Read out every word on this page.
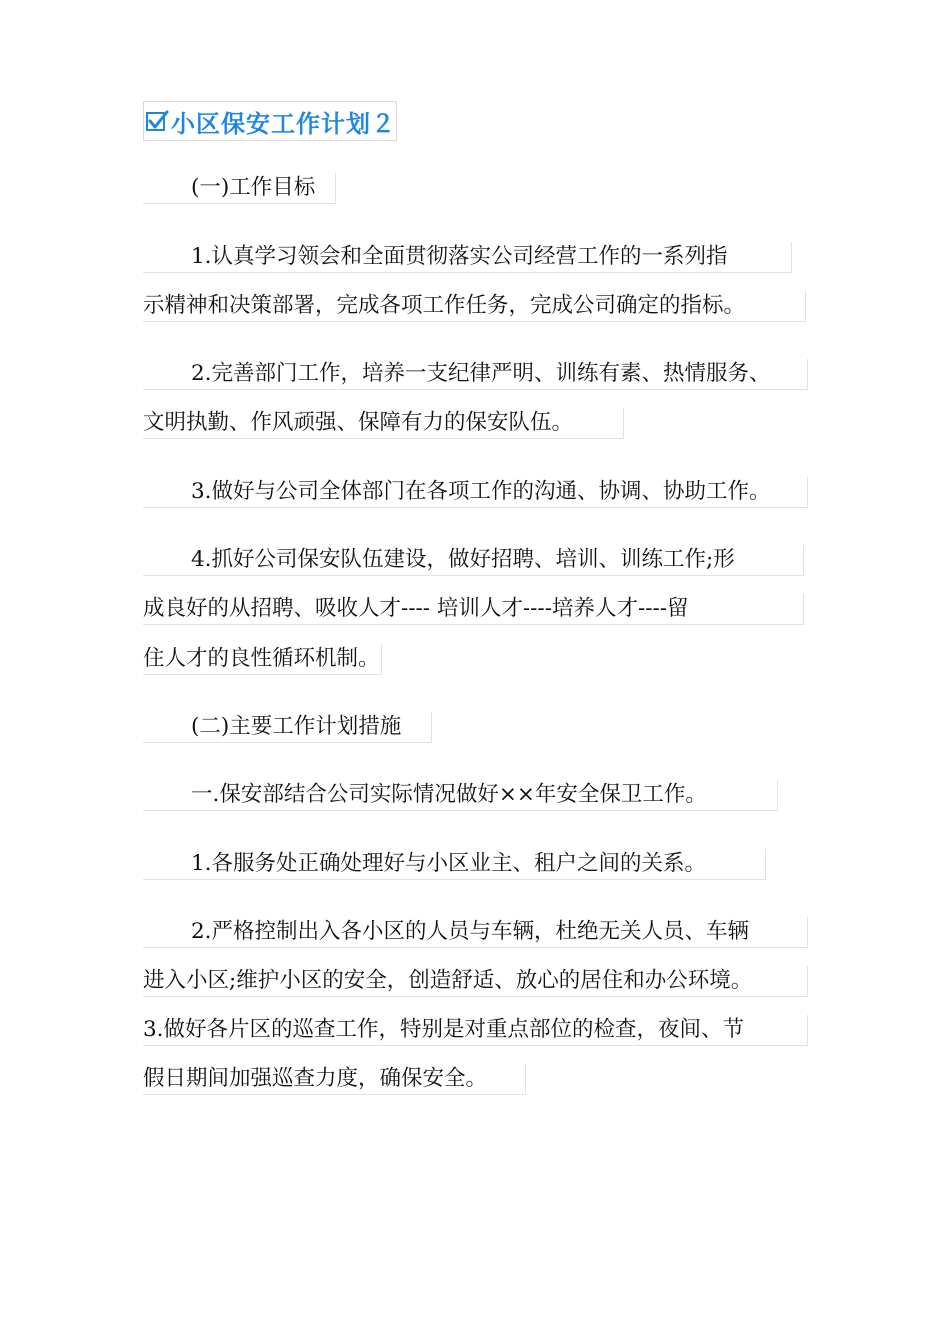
小区保安工作计划２
(一)工作目标
1.认真学习领会和全面贯彻落实公司经营工作的一系列指
示精神和决策部署，完成各项工作任务，完成公司确定的指标。
2.完善部门工作，培养一支纪律严明、训练有素、热情服务、
文明执勤、作风顽强、保障有力的保安队伍。
3.做好与公司全体部门在各项工作的沟通、协调、协助工作。
4.抓好公司保安队伍建设，做好招聘、培训、训练工作;形
成良好的从招聘、吸收人才---- 培训人才----培养人才----留
住人才的良性循环机制。
(二)主要工作计划措施
一.保安部结合公司实际情况做好××年安全保卫工作。
1.各服务处正确处理好与小区业主、租户之间的关系。
2.严格控制出入各小区的人员与车辆，杜绝无关人员、车辆
进入小区;维护小区的安全，创造舒适、放心的居住和办公环境。
3.做好各片区的巡查工作，特别是对重点部位的检查，夜间、节
假日期间加强巡查力度，确保安全。
